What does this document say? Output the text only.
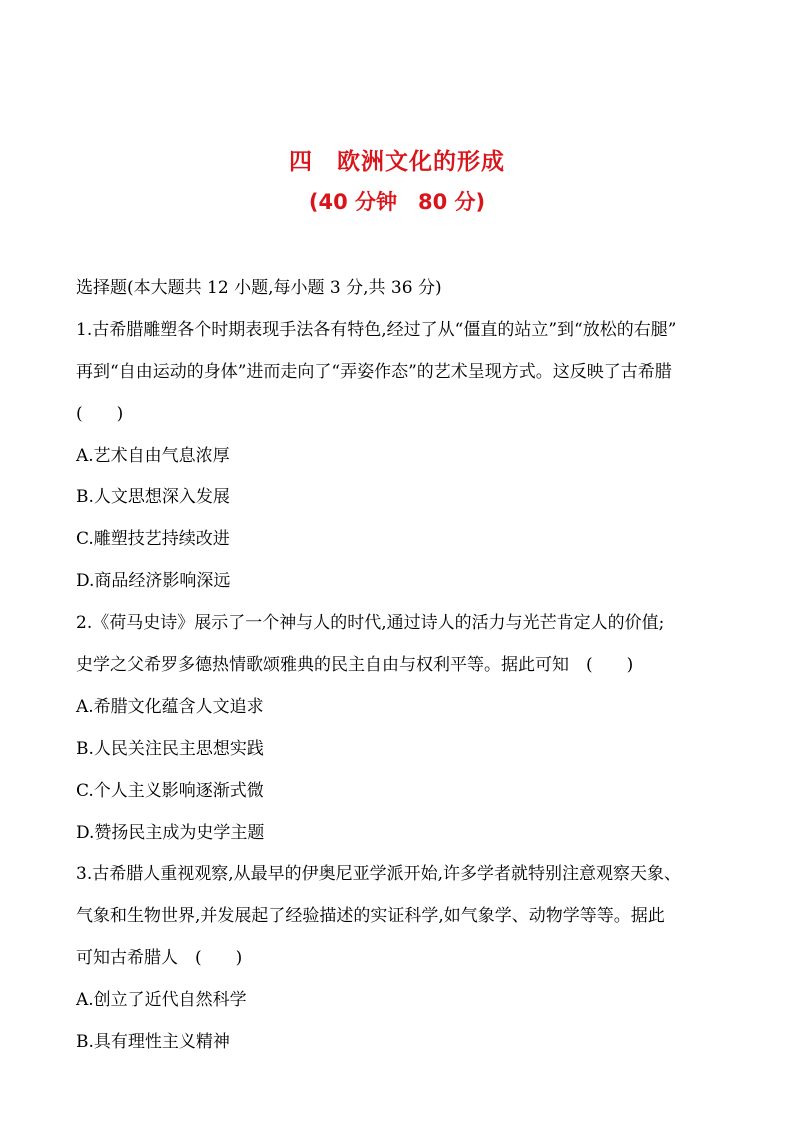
四　欧洲文化的形成
(40 分钟　80 分)
选择题(本大题共 12 小题,每小题 3 分,共 36 分)
1.古希腊雕塑各个时期表现手法各有特色,经过了从“僵直的站立”到“放松的右腿”
再到“自由运动的身体”进而走向了“弄姿作态”的艺术呈现方式。这反映了古希腊
(　　)
A.艺术自由气息浓厚
B.人文思想深入发展
C.雕塑技艺持续改进
D.商品经济影响深远
2.《荷马史诗》展示了一个神与人的时代,通过诗人的活力与光芒肯定人的价值;
史学之父希罗多德热情歌颂雅典的民主自由与权利平等。据此可知　(　　)
A.希腊文化蕴含人文追求
B.人民关注民主思想实践
C.个人主义影响逐渐式微
D.赞扬民主成为史学主题
3.古希腊人重视观察,从最早的伊奥尼亚学派开始,许多学者就特别注意观察天象、
气象和生物世界,并发展起了经验描述的实证科学,如气象学、动物学等等。据此
可知古希腊人　(　　)
A.创立了近代自然科学
B.具有理性主义精神
